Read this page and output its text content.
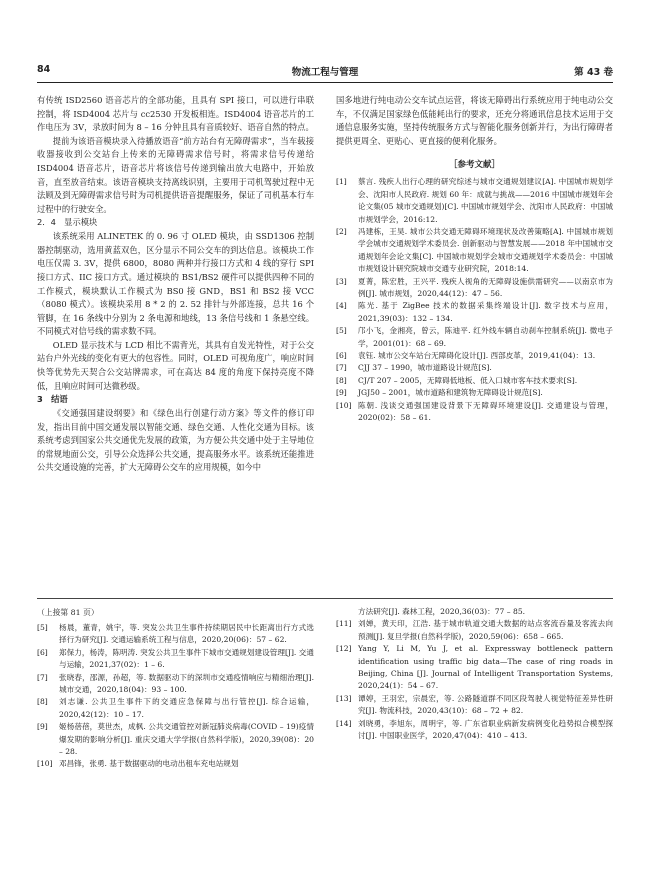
84	物流工程与管理	第 43 卷

有传统 ISD2560 语音芯片的全部功能，且具有 SPI 接口，可以进行串联控制，将 ISD4004 芯片与 cc2530 开发板相连。ISD4004 语音芯片的工作电压为 3V，录放时间为 8 – 16 分钟且具有音质较好、语音自然的特点。

提前为该语音模块录入待播放语音“前方站台有无障碍需求”，当车载接收器接收到公交站台上传来的无障碍需求信号时，将需求信号传递给 ISD4004 语音芯片，语音芯片将该信号传递到输出放大电路中，开始放音，直至放音结束。该语音模块支持离线识别，主要用于司机驾驶过程中无法顾及到无障碍需求信号时为司机提供语音提醒服务，保证了司机基本行车过程中的行驶安全。

2．4　显示模块

该系统采用 ALINETEK 的 0. 96 寸 OLED 模块，由 SSD1306 控制器控制驱动，选用黄蓝双色，区分显示不同公交车的到达信息。该模块工作电压仅需 3. 3V，提供 6800，8080 两种并行接口方式和 4 线的穿行 SPI 接口方式、IIC 接口方式。通过模块的 BS1/BS2 硬件可以提供四种不同的工作模式，模块默认工作模式为 BS0 接 GND，BS1 和 BS2 接 VCC（8080 模式）。该模块采用 8 * 2 的 2. 52 排针与外部连接，总共 16 个管脚，在 16 条线中分别为 2 条电源和地线，13 条信号线和 1 条悬空线。不同模式对信号线的需求数不同。

OLED 显示技术与 LCD 相比不需背光，其具有自发光特性，对于公交站台户外光线的变化有更大的包容性。同时，OLED 可视角度广，响应时间快等优势先天契合公交站牌需求，可在高达 84 度的角度下保持亮度不降低，且响应时间可达微秒级。

3　结语

《交通强国建设纲要》和《绿色出行创建行动方案》等文件的修订印发，指出目前中国交通发展以智能交通、绿色交通、人性化交通为目标。该系统考虑到国家公共交通优先发展的政策，为方便公共交通中处于主导地位的常规地面公交，引导公众选择公共交通，提高服务水平。该系统还能推进公共交通设施的完善，扩大无障碍公交车的应用规模，如今中

国多地进行纯电动公交车试点运营，将该无障碍出行系统应用于纯电动公交车，不仅满足国家绿色低能耗出行的要求，还充分将通讯信息技术运用于交通信息服务实施，坚持传统服务方式与智能化服务创新并行，为出行障碍者提供更周全、更贴心、更直接的便利化服务。

［参考文献］
[1]	蔡言. 残疾人出行心理的研究综述与城市交通规划建议[A]. 中国城市规划学会、沈阳市人民政府. 规划 60 年：成就与挑战——2016 中国城市规划年会论文集(05 城市交通规划)[C]. 中国城市规划学会、沈阳市人民政府：中国城市规划学会，2016:12.
[2]	冯建栋，王昊. 城市公共交通无障碍环境现状及改善策略[A]. 中国城市规划学会城市交通规划学术委员会. 创新驱动与智慧发展——2018 年中国城市交通规划年会论文集[C]. 中国城市规划学会城市交通规划学术委员会：中国城市规划设计研究院城市交通专业研究院，2018:14.
[3]	夏菁，陈宏胜，王兴平. 残疾人视角的无障碍设施供需研究——以南京市为例[J]. 城市规划，2020,44(12)：47 – 56.
[4]	陈光. 基于 ZigBee 技术的数据采集终端设计[J]. 数字技术与应用，2021,39(03)：132 – 134.
[5]	邝小飞，金湘亮，曾云，陈迪平. 红外线车辆自动刹车控制系统[J]. 微电子学，2001(01)：68 – 69.
[6]	袁钰. 城市公交车站台无障碍化设计[J]. 西部皮革，2019,41(04)：13.
[7]	CJJ 37 – 1990，城市道路设计规范[S].
[8]	CJ/T 207 – 2005，无障碍低地板、低入口城市客车技术要求[S].
[9]	JGJ50 – 2001，城市道路和建筑物无障碍设计规范[S].
[10] 陈朝. 浅谈交通强国建设背景下无障碍环境建设[J]. 交通建设与管理，2020(02)：58 – 61.

（上接第 81 页）

[5]	杨晨，董青，姚宇，等. 突发公共卫生事件持续期居民中长距离出行方式选择行为研究[J]. 交通运输系统工程与信息，2020,20(06)：57 – 62.
[6]	郑保力，杨涛，陈明涛. 突发公共卫生事件下城市交通规划建设管理[J]. 交通与运输，2021,37(02)：1 – 6.
[7]	张晓春，邵源，孙超，等. 数据驱动下的深圳市交通疫情响应与精细治理[J]. 城市交通，2020,18(04)：93 – 100.
[8]	刘志谦. 公共卫生事件下的交通应急保障与出行管控[J]. 综合运输，2020,42(12)：10 – 17.
[9]	姬杨蓓蓓，莫世杰，成枫. 公共交通管控对新冠肺炎病毒(COVID – 19)疫情爆发期的影响分析[J]. 重庆交通大学学报(自然科学版)，2020,39(08)：20 – 28.
[10] 邓昌锋，张勇. 基于数据驱动的电动出租车充电站规划
方法研究[J]. 森林工程，2020,36(03)：77 – 85.
[11] 刘婵，黄天印，江浩. 基于城市轨道交通大数据的站点客流吞量及客流去向预测[J]. 复旦学报(自然科学版)，2020,59(06)：658 – 665.
[12] Yang Y, Li M, Yu J, et al. Expressway bottleneck pattern identification using traffic big data—The case of ring roads in Beijing, China [J]. Journal of Intelligent Transportation Systems, 2020,24(1)：54 – 67.
[13] 谭婷，王羽宏，宗晨宏，等. 公路隧道群不同区段驾驶人视觉特征差异性研究[J]. 物流科技，2020,43(10)：68 – 72 + 82.
[14] 刘晓勇，李旭东，周明宇，等. 广东省职业病新发病例变化趋势拟合模型探讨[J]. 中国职业医学，2020,47(04)：410 – 413.
